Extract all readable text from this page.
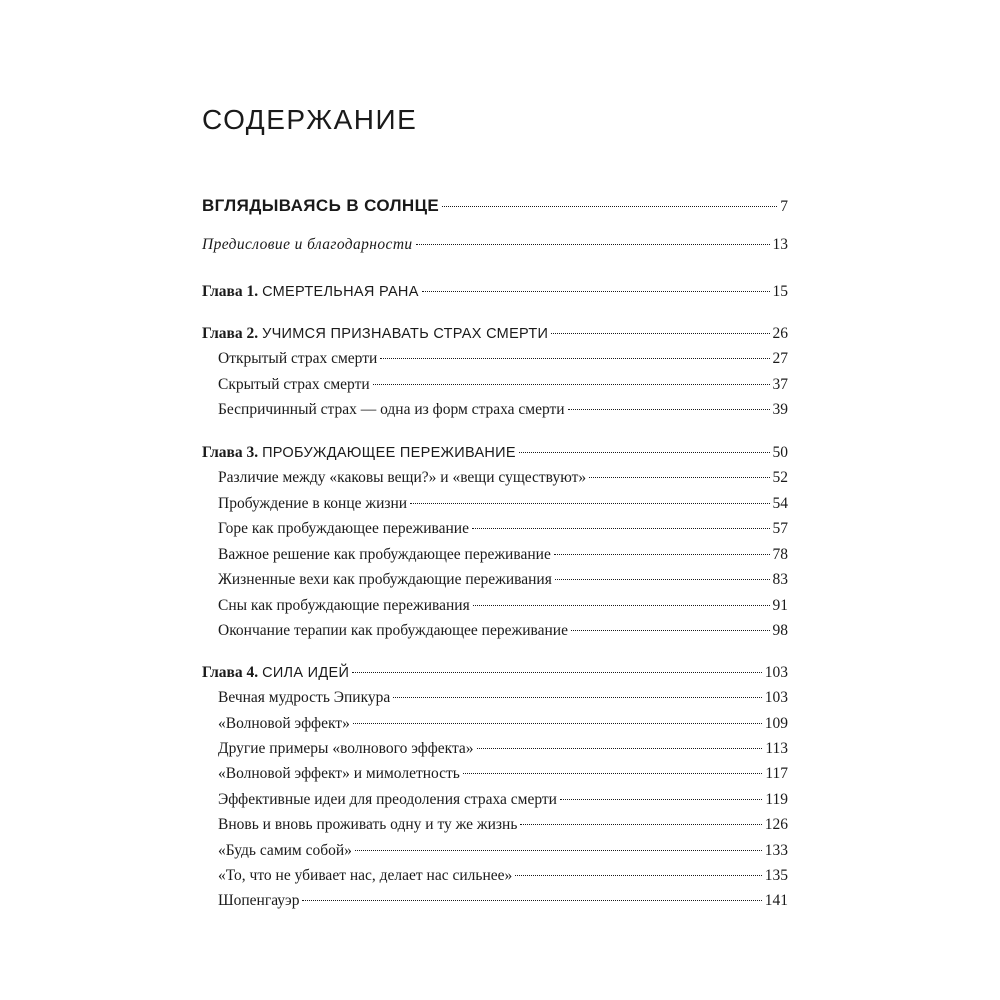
СОДЕРЖАНИЕ
ВГЛЯДЫВАЯСЬ В СОЛНЦЕ	7
Предисловие и благодарности	13
Глава 1. СМЕРТЕЛЬНАЯ РАНА	15
Глава 2. УЧИМСЯ ПРИЗНАВАТЬ СТРАХ СМЕРТИ	26
Открытый страх смерти	27
Скрытый страх смерти	37
Беспричинный страх — одна из форм страха смерти	39
Глава 3. ПРОБУЖДАЮЩЕЕ ПЕРЕЖИВАНИЕ	50
Различие между «каковы вещи?» и «вещи существуют»	52
Пробуждение в конце жизни	54
Горе как пробуждающее переживание	57
Важное решение как пробуждающее переживание	78
Жизненные вехи как пробуждающие переживания	83
Сны как пробуждающие переживания	91
Окончание терапии как пробуждающее переживание	98
Глава 4. СИЛА ИДЕЙ	103
Вечная мудрость Эпикура	103
«Волновой эффект»	109
Другие примеры «волнового эффекта»	113
«Волновой эффект» и мимолетность	117
Эффективные идеи для преодоления страха смерти	119
Вновь и вновь проживать одну и ту же жизнь	126
«Будь самим собой»	133
«То, что не убивает нас, делает нас сильнее»	135
Шопенгауэр	141
